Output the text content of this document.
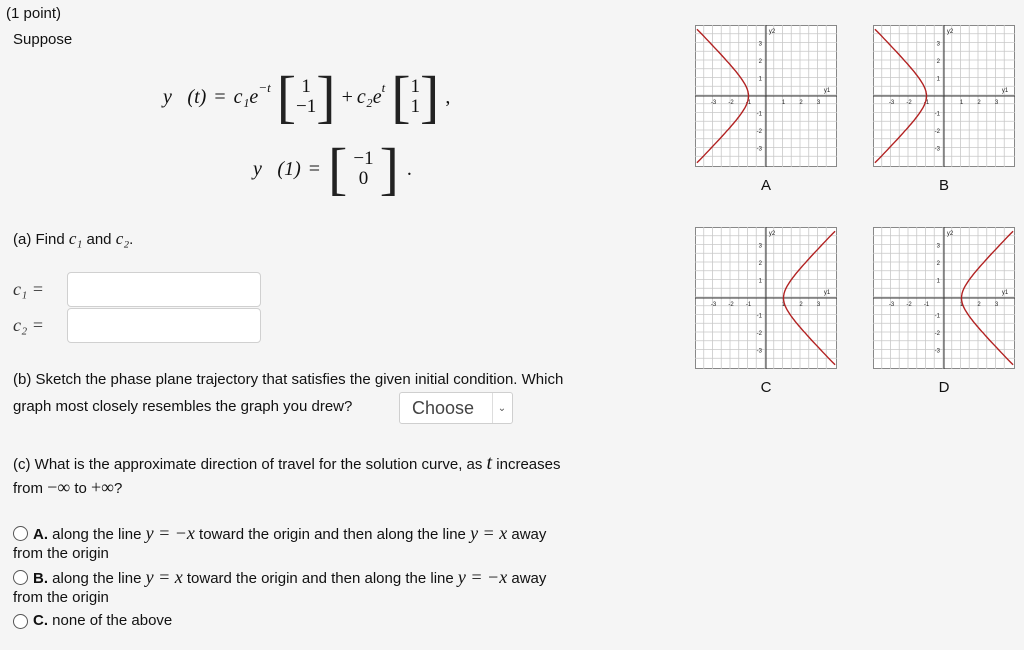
(1 point)
Suppose
y⃗(t) = $c_1e^{-t}$ [ 1
−1 ] + $c_2e^t$ [ 1
1 ] ,
y⃗(1) = [ −1
0 ] .
(a) Find c₁ and c₂.
c₁ =
c₂ =
(b) Sketch the phase plane trajectory that satisfies the given initial condition. Which
graph most closely resembles the graph you drew?	Choose	⌄
(c) What is the approximate direction of travel for the solution curve, as t increases
from −∞ to +∞?
A. along the line y = −x toward the origin and then along the line y = x away
from the origin
B. along the line y = x toward the origin and then along the line y = −x away
from the origin
C. none of the above
-3 -2 -1	1 2 3
3
2
1
-1
-2
-3
y1
y2
A
-3 -2 -1	1 2 3
3
2
1
-1
-2
-3
y1
y2
B
-3 -2 -1	1 2 3
3
2
1
-1
-2
-3
y1
y2
C
-3 -2 -1	1 2 3
3
2
1
-1
-2
-3
y1
y2
D
